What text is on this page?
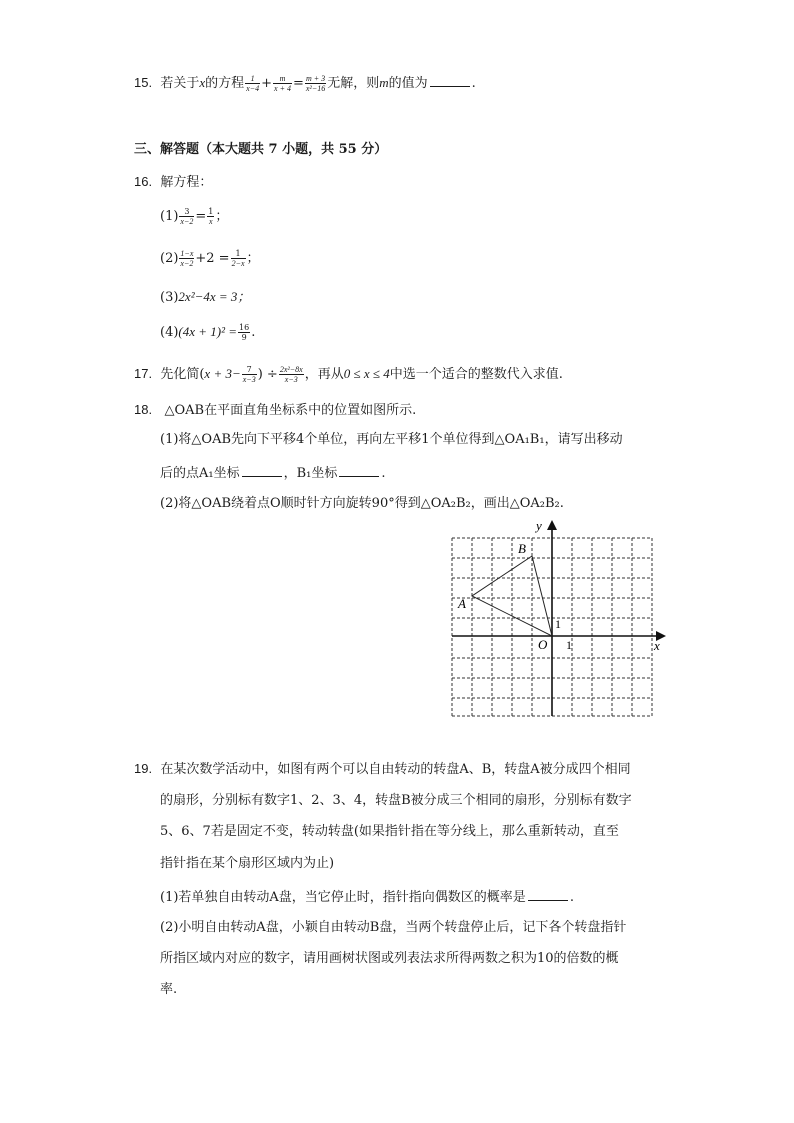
15. 若关于x的方程 $\frac{1}{x-4} + \frac{m}{x + 4} = \frac{m + 3}{\text{x²−16}}$ 无解，则m的值为	.
三、解答题（本大题共 7 小题，共 55 分）
16. 解方程：
$(1) \frac{3}{x-2} = \frac{1}{x}$ ；
$(2) \frac{1-x}{x-2} +2 = \frac{1}{2-x}$ ；
(3)2x²−4x = 3；
$(4)(4x + 1)^2 = \frac{16}{9}$ .
17. 先化简($x + 3- \frac{7}{x-3}$ ) ÷ $\frac{\text{2x²−8x}}{x-3}$ ，再从0 ≤ x ≤ 4中选一个适合的整数代入求值.
18. △OAB在平面直角坐标系中的位置如图所示.
(1)将△OAB先向下平移4个单位，再向左平移1个单位得到△OA₁B₁，请写出移动
后的点A₁坐标	，B₁坐标	.
(2)将△OAB绕着点O顺时针方向旋转90°得到△OA₂B₂，画出△OA₂B₂.
y
x
B
A
O
1
1
19. 在某次数学活动中，如图有两个可以自由转动的转盘A、B，转盘A被分成四个相同
的扇形，分别标有数字1、2、3、4，转盘B被分成三个相同的扇形，分别标有数字
5、6、7若是固定不变，转动转盘(如果指针指在等分线上，那么重新转动，直至
指针指在某个扇形区域内为止)
(1)若单独自由转动A盘，当它停止时，指针指向偶数区的概率是	.
(2)小明自由转动A盘，小颖自由转动B盘，当两个转盘停止后，记下各个转盘指针
所指区域内对应的数字，请用画树状图或列表法求所得两数之积为10的倍数的概
率.
